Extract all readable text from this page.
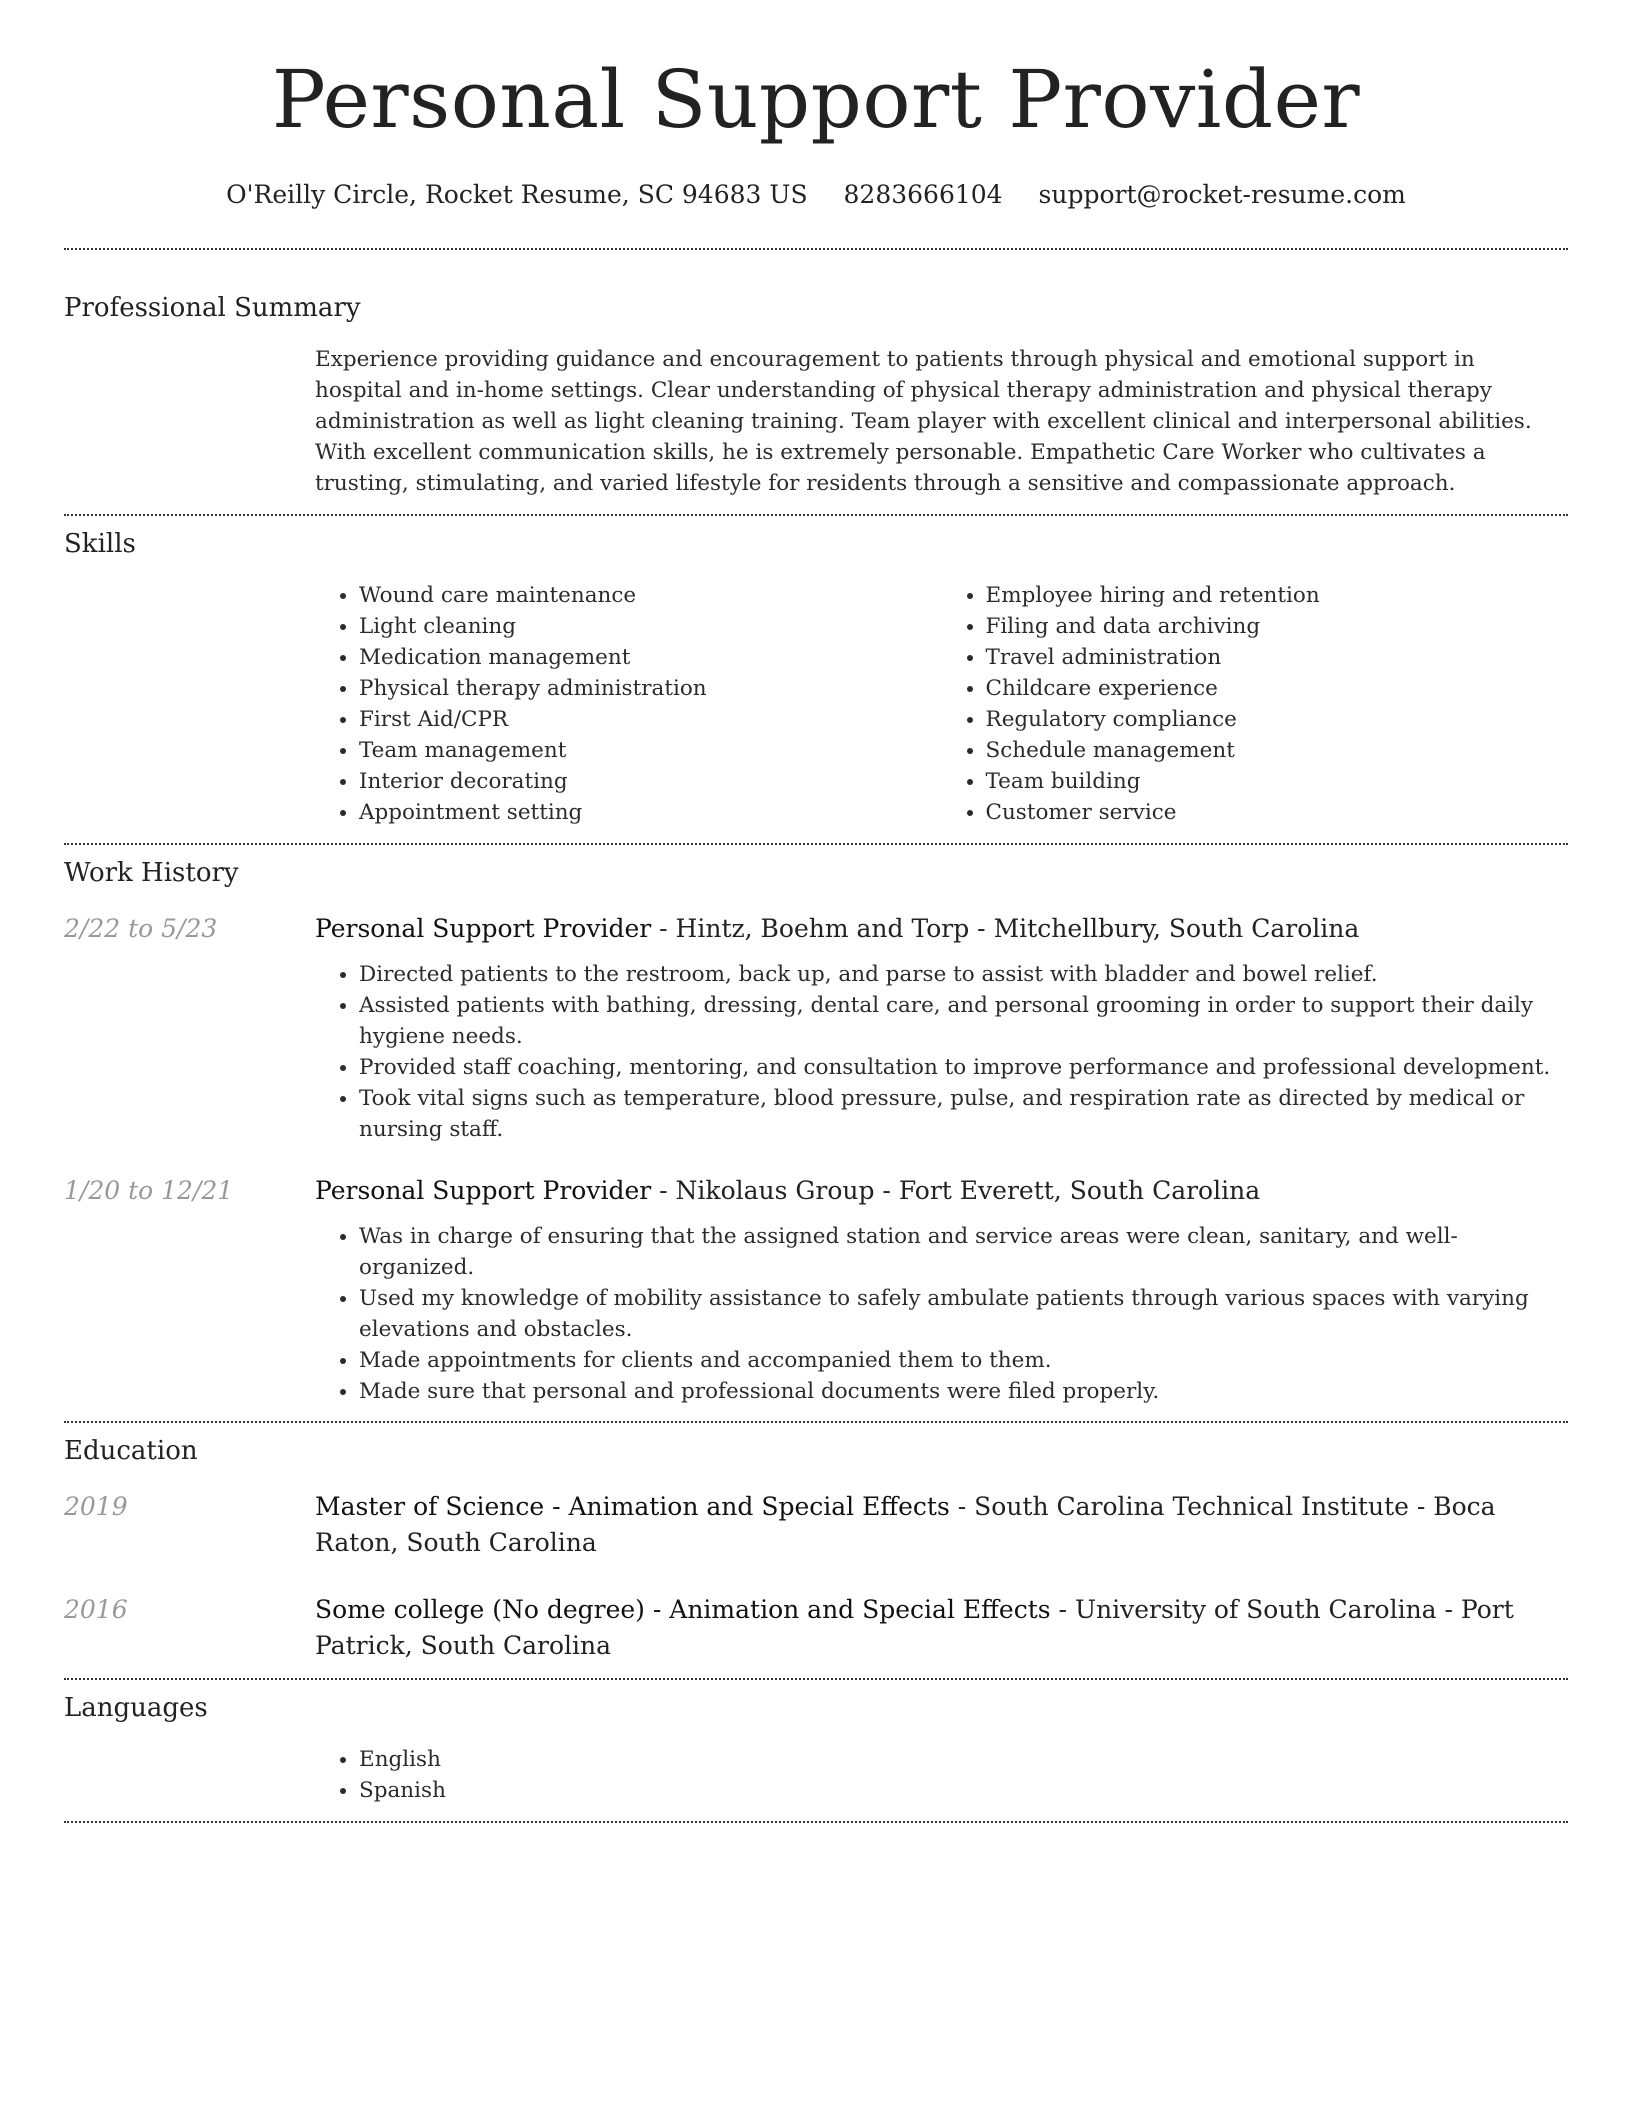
Personal Support Provider
O'Reilly Circle, Rocket Resume, SC 94683 US 8283666104 support@rocket-resume.com
Professional Summary
Experience providing guidance and encouragement to patients through physical and emotional support in hospital and in-home settings. Clear understanding of physical therapy administration and physical therapy administration as well as light cleaning training. Team player with excellent clinical and interpersonal abilities. With excellent communication skills, he is extremely personable. Empathetic Care Worker who cultivates a trusting, stimulating, and varied lifestyle for residents through a sensitive and compassionate approach.
Skills
• Wound care maintenance
• Light cleaning
• Medication management
• Physical therapy administration
• First Aid/CPR
• Team management
• Interior decorating
• Appointment setting
• Employee hiring and retention
• Filing and data archiving
• Travel administration
• Childcare experience
• Regulatory compliance
• Schedule management
• Team building
• Customer service
Work History
2/22 to 5/23	Personal Support Provider - Hintz, Boehm and Torp - Mitchellbury, South Carolina
• Directed patients to the restroom, back up, and parse to assist with bladder and bowel relief.
• Assisted patients with bathing, dressing, dental care, and personal grooming in order to support their daily hygiene needs.
• Provided staff coaching, mentoring, and consultation to improve performance and professional development.
• Took vital signs such as temperature, blood pressure, pulse, and respiration rate as directed by medical or nursing staff.
1/20 to 12/21	Personal Support Provider - Nikolaus Group - Fort Everett, South Carolina
• Was in charge of ensuring that the assigned station and service areas were clean, sanitary, and well-organized.
• Used my knowledge of mobility assistance to safely ambulate patients through various spaces with varying elevations and obstacles.
• Made appointments for clients and accompanied them to them.
• Made sure that personal and professional documents were filed properly.
Education
2019	Master of Science - Animation and Special Effects - South Carolina Technical Institute - Boca Raton, South Carolina
2016	Some college (No degree) - Animation and Special Effects - University of South Carolina - Port Patrick, South Carolina
Languages
• English
• Spanish
